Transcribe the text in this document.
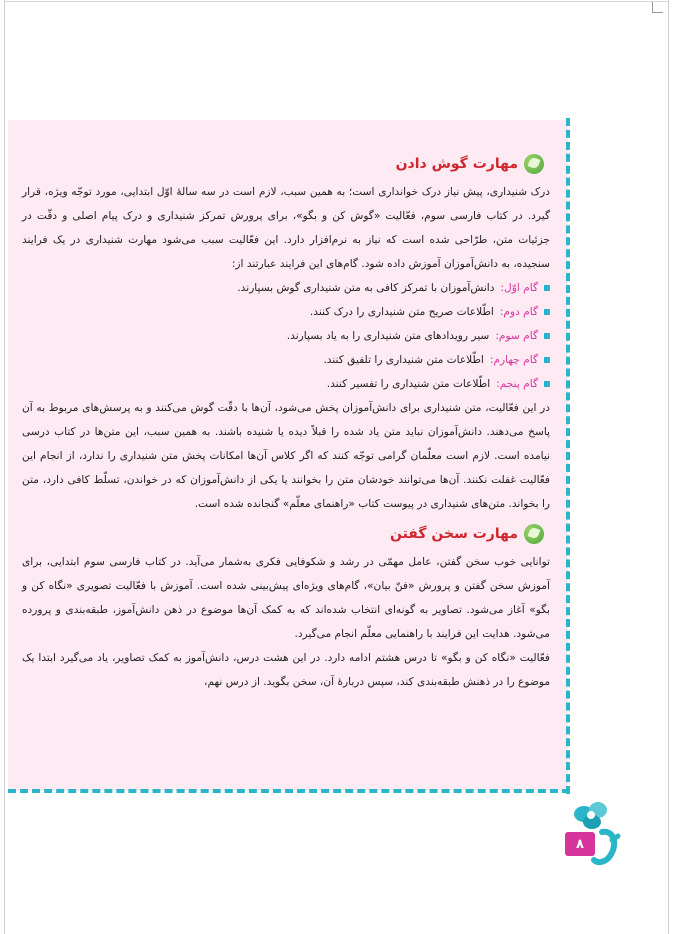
مهارت گوش دادن

درک شنیداری، پیش نیاز درک خوانداری است؛ به همین سبب، لازم است در سه سالهٔ اوّل ابتدایی، مورد توجّه ویژه، قرار گیرد. در کتاب فارسی سوم، فعّالیت «گوش کن و بگو»، برای پرورش تمرکز شنیداری و درک پیام اصلی و دقّت در جزئیات متن، طرّاحی شده است که نیاز به نرم‌افزار دارد. این فعّالیت سبب می‌شود مهارت شنیداری در یک فرایند سنجیده، به دانش‌آموزان آموزش داده شود. گام‌های این فرایند عبارتند از:

گام اوّل:
دانش‌آموزان با تمرکز کافی به متن شنیداری گوش بسپارند.
گام دوم:
اطّلاعات صریح متن شنیداری را درک کنند.
گام سوم:
سیر رویدادهای متن شنیداری را به یاد بسپارند.
گام چهارم:
اطّلاعات متن شنیداری را تلفیق کنند.
گام پنجم:
اطّلاعات متن شنیداری را تفسیر کنند.

در این فعّالیت، متن شنیداری برای دانش‌آموزان پخش می‌شود، آن‌ها با دقّت گوش می‌کنند و به پرسش‌های مربوط به آن پاسخ می‌دهند. دانش‌آموزان نباید متن یاد شده را قبلاً دیده یا شنیده باشند. به همین سبب، این متن‌ها در کتاب درسی نیامده است. لازم است معلّمان گرامی توجّه کنند که اگر کلاس آن‌ها امکانات پخش متن شنیداری را ندارد، از انجام این فعّالیت غفلت نکنند. آن‌ها می‌توانند خودشان متن را بخوانند یا یکی از دانش‌آموزان که در خواندن، تسلّط کافی دارد، متن را بخواند. متن‌های شنیداری در پیوست کتاب «راهنمای معلّم» گنجانده شده است.

مهارت سخن گفتن

توانایی خوب سخن گفتن، عامل مهمّی در رشد و شکوفایی فکری به‌شمار می‌آید. در کتاب فارسی سوم ابتدایی، برای آموزش سخن گفتن و پرورش «فنّ بیان»، گام‌های ویژه‌ای پیش‌بینی شده است. آموزش با فعّالیت تصویری «نگاه کن و بگو» آغاز می‌شود. تصاویر به گونه‌ای انتخاب شده‌اند که به کمک آن‌ها موضوع در ذهن دانش‌آموز، طبقه‌بندی و پرورده می‌شود. هدایت این فرایند با راهنمایی معلّم انجام می‌گیرد.

فعّالیت «نگاه کن و بگو» تا درس هشتم ادامه دارد. در این هشت درس، دانش‌آموز به کمک تصاویر، یاد می‌گیرد ابتدا یک موضوع را در ذهنش طبقه‌بندی کند، سپس دربارهٔ آن، سخن بگوید. از درس نهم،

۸
